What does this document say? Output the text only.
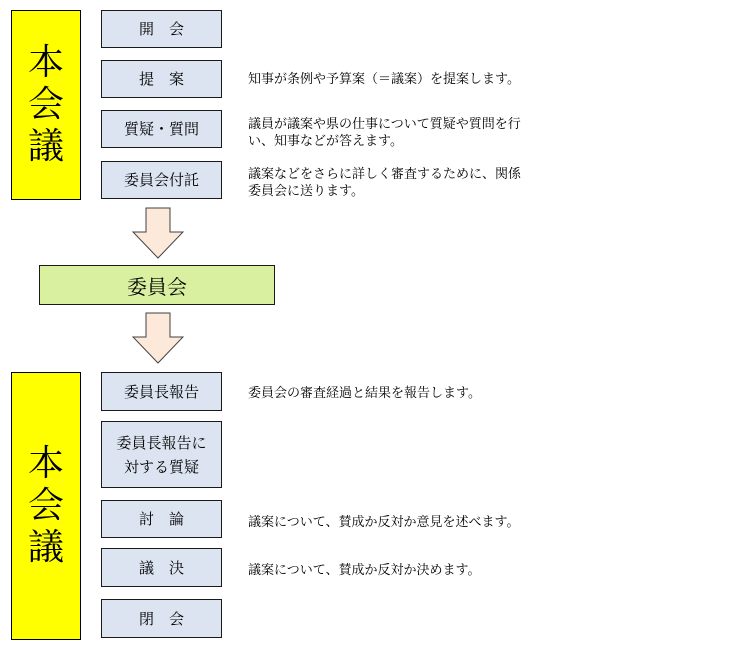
本
会
議
開　会
提　案	知事が条例や予算案（＝議案）を提案します。
質疑・質問	議員が議案や県の仕事について質疑や質問を行
い、知事などが答えます。
委員会付託	議案などをさらに詳しく審査するために、関係
委員会に送ります。
委員会
本
会
議
委員長報告	委員会の審査経過と結果を報告します。
委員長報告に
対する質疑
討　論	議案について、賛成か反対か意見を述べます。
議　決	議案について、賛成か反対か決めます。
閉　会
